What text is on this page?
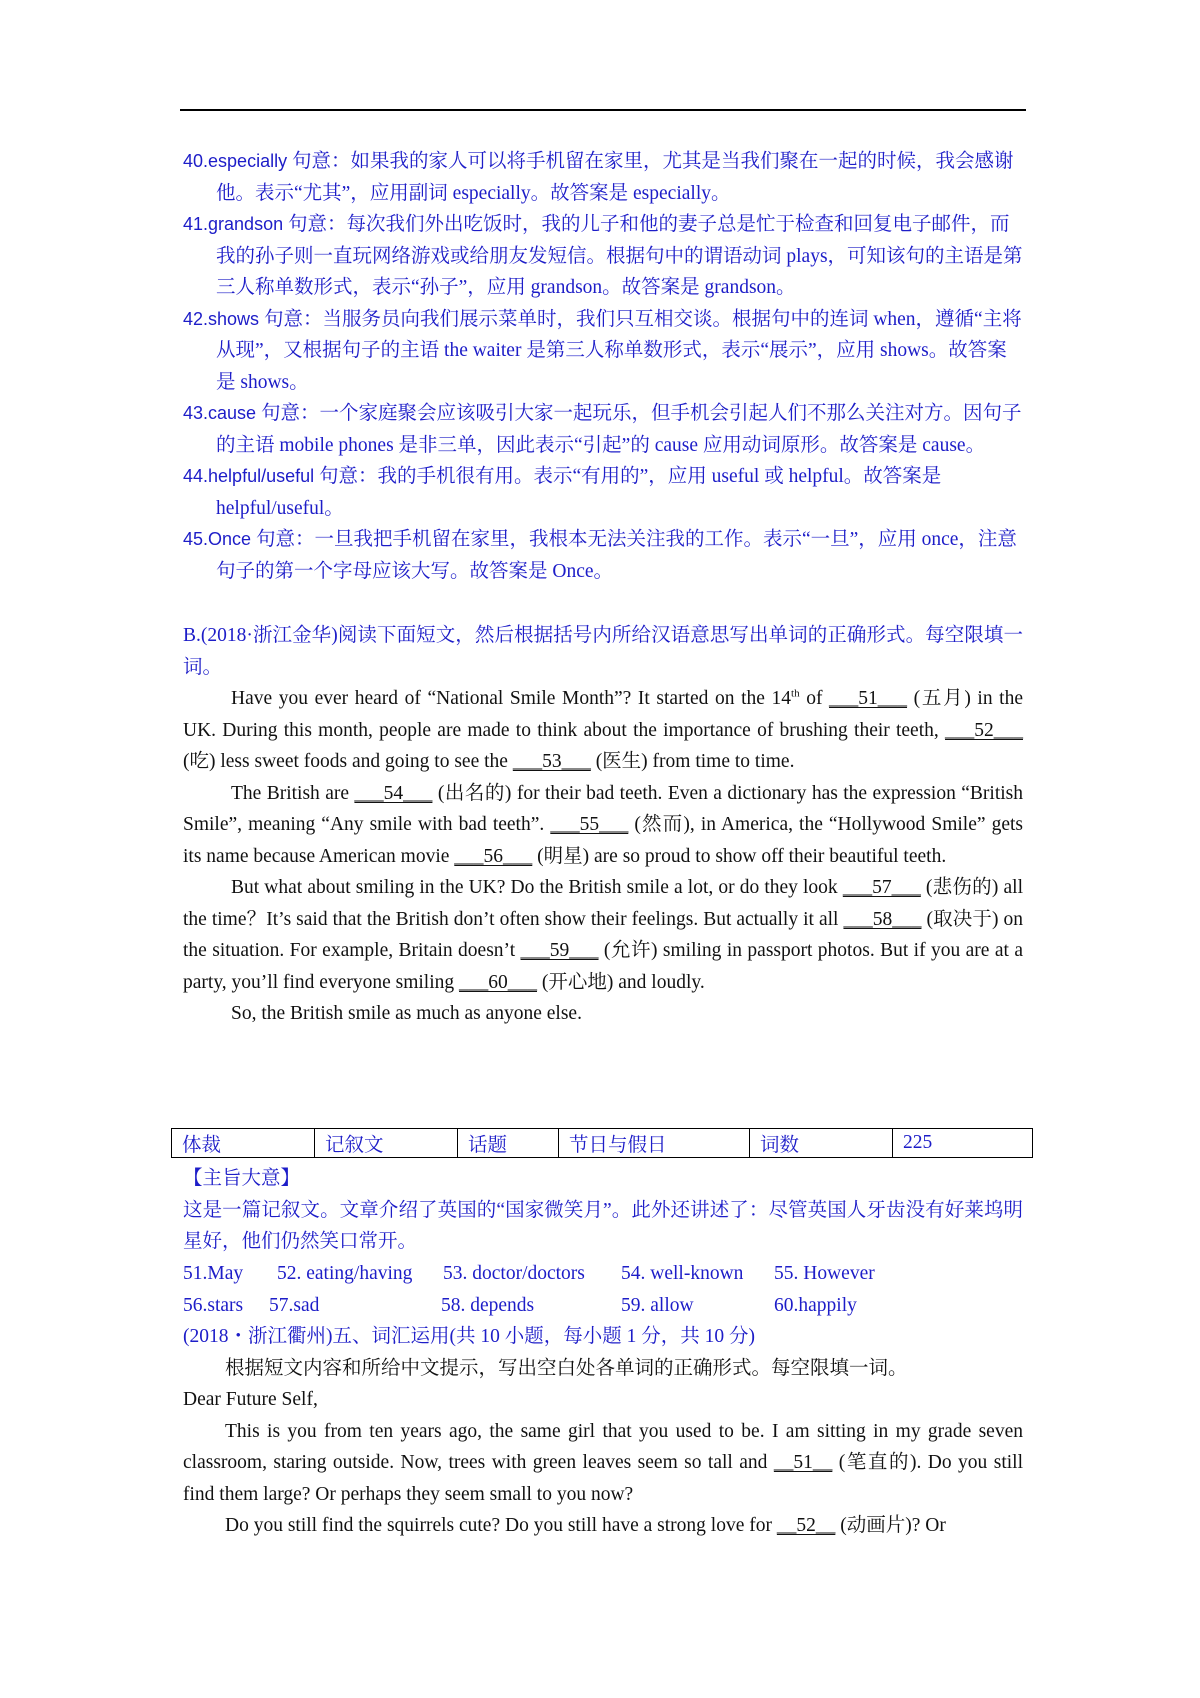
40.especially 句意：如果我的家人可以将手机留在家里，尤其是当我们聚在一起的时候，我会感谢他。表示“尤其”，应用副词 especially。故答案是 especially。

41.grandson 句意：每次我们外出吃饭时，我的儿子和他的妻子总是忙于检查和回复电子邮件，而我的孙子则一直玩网络游戏或给朋友发短信。根据句中的谓语动词 plays，可知该句的主语是第三人称单数形式，表示“孙子”，应用 grandson。故答案是 grandson。

42.shows 句意：当服务员向我们展示菜单时，我们只互相交谈。根据句中的连词 when，遵循“主将从现”，又根据句子的主语 the waiter 是第三人称单数形式，表示“展示”，应用 shows。故答案是 shows。

43.cause 句意：一个家庭聚会应该吸引大家一起玩乐，但手机会引起人们不那么关注对方。因句子的主语 mobile phones 是非三单，因此表示“引起”的 cause 应用动词原形。故答案是 cause。

44.helpful/useful 句意：我的手机很有用。表示“有用的”，应用 useful 或 helpful。故答案是 helpful/useful。

45.Once 句意：一旦我把手机留在家里，我根本无法关注我的工作。表示“一旦”，应用 once，注意句子的第一个字母应该大写。故答案是 Once。

B.(2018·浙江金华)阅读下面短文，然后根据括号内所给汉语意思写出单词的正确形式。每空限填一词。

Have you ever heard of “National Smile Month”? It started on the 14th of ___51___ (五月) in the UK. During this month, people are made to think about the importance of brushing their teeth, ___52___ (吃) less sweet foods and going to see the ___53___ (医生) from time to time.

The British are ___54___ (出名的) for their bad teeth. Even a dictionary has the expression “British Smile”, meaning “Any smile with bad teeth”. ___55___ (然而), in America, the “Hollywood Smile” gets its name because American movie ___56___ (明星) are so proud to show off their beautiful teeth.

But what about smiling in the UK? Do the British smile a lot, or do they look ___57___ (悲伤的) all the time？It’s said that the British don’t often show their feelings. But actually it all ___58___ (取决于) on the situation. For example, Britain doesn’t ___59___ (允许) smiling in passport photos. But if you are at a party, you’ll find everyone smiling ___60___ (开心地) and loudly.

So, the British smile as much as anyone else.

体裁	记叙文	话题	节日与假日	词数	225

【主旨大意】

这是一篇记叙文。文章介绍了英国的“国家微笑月”。此外还讲述了：尽管英国人牙齿没有好莱坞明星好，他们仍然笑口常开。

51.May	52. eating/having	53. doctor/doctors	54. well-known	55. However
56.stars	57.sad	58. depends	59. allow	60.happily

(2018・浙江衢州)五、词汇运用(共 10 小题，每小题 1 分，共 10 分)

根据短文内容和所给中文提示，写出空白处各单词的正确形式。每空限填一词。

Dear Future Self,

This is you from ten years ago, the same girl that you used to be. I am sitting in my grade seven classroom, staring outside. Now, trees with green leaves seem so tall and __51__ (笔直的). Do you still find them large? Or perhaps they seem small to you now?

Do you still find the squirrels cute? Do you still have a strong love for __52__ (动画片)? Or
